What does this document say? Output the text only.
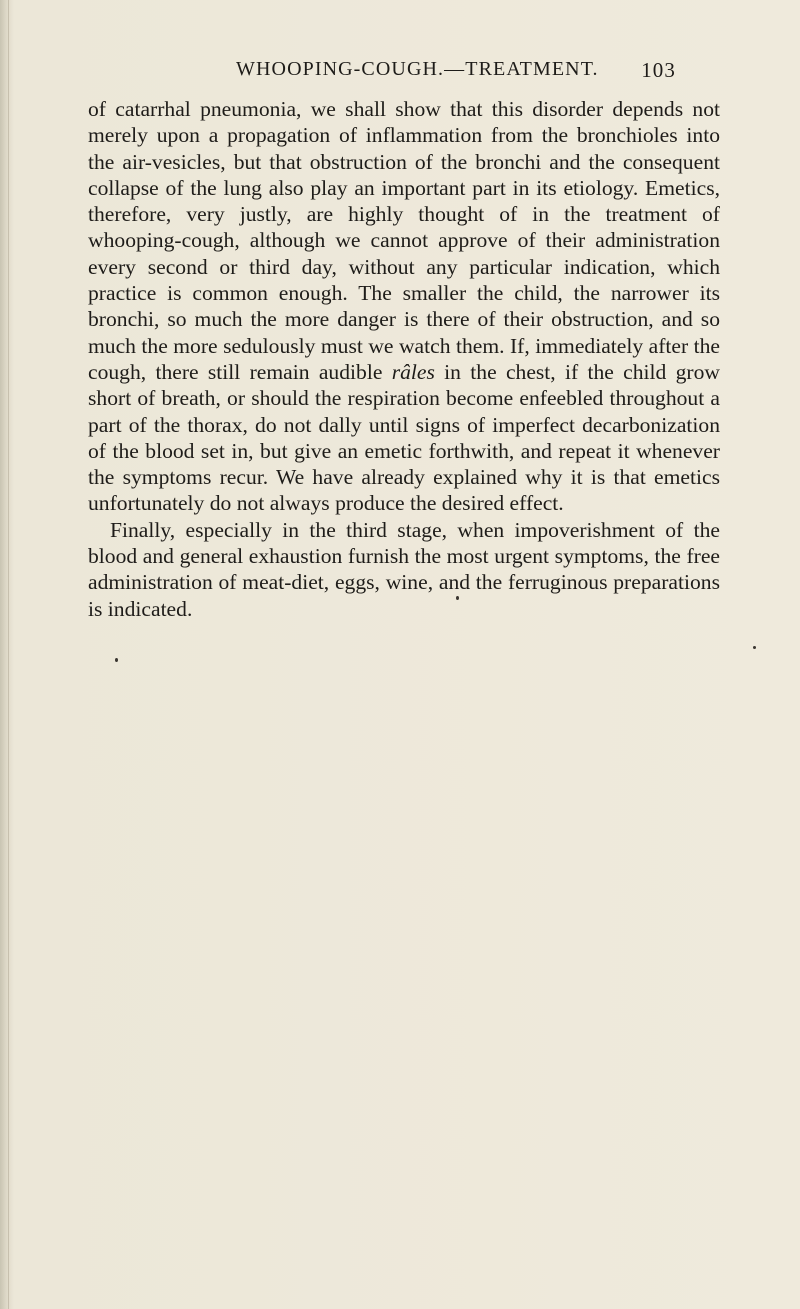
WHOOPING-COUGH.—TREATMENT. 103

of catarrhal pneumonia, we shall show that this disorder depends not merely upon a propagation of inflammation from the bronchioles into the air-vesicles, but that obstruction of the bronchi and the consequent collapse of the lung also play an important part in its etiology. Emetics, therefore, very justly, are highly thought of in the treatment of whooping-cough, although we cannot approve of their administration every second or third day, without any particular indication, which practice is common enough. The smaller the child, the narrower its bronchi, so much the more danger is there of their obstruction, and so much the more sedulously must we watch them. If, immediately after the cough, there still remain audible râles in the chest, if the child grow short of breath, or should the respiration become enfeebled throughout a part of the thorax, do not dally until signs of imperfect decarbonization of the blood set in, but give an emetic forthwith, and repeat it whenever the symptoms recur. We have already explained why it is that emetics unfortunately do not always produce the desired effect.

Finally, especially in the third stage, when impoverishment of the blood and general exhaustion furnish the most urgent symptoms, the free administration of meat-diet, eggs, wine, and the ferruginous preparations is indicated.
